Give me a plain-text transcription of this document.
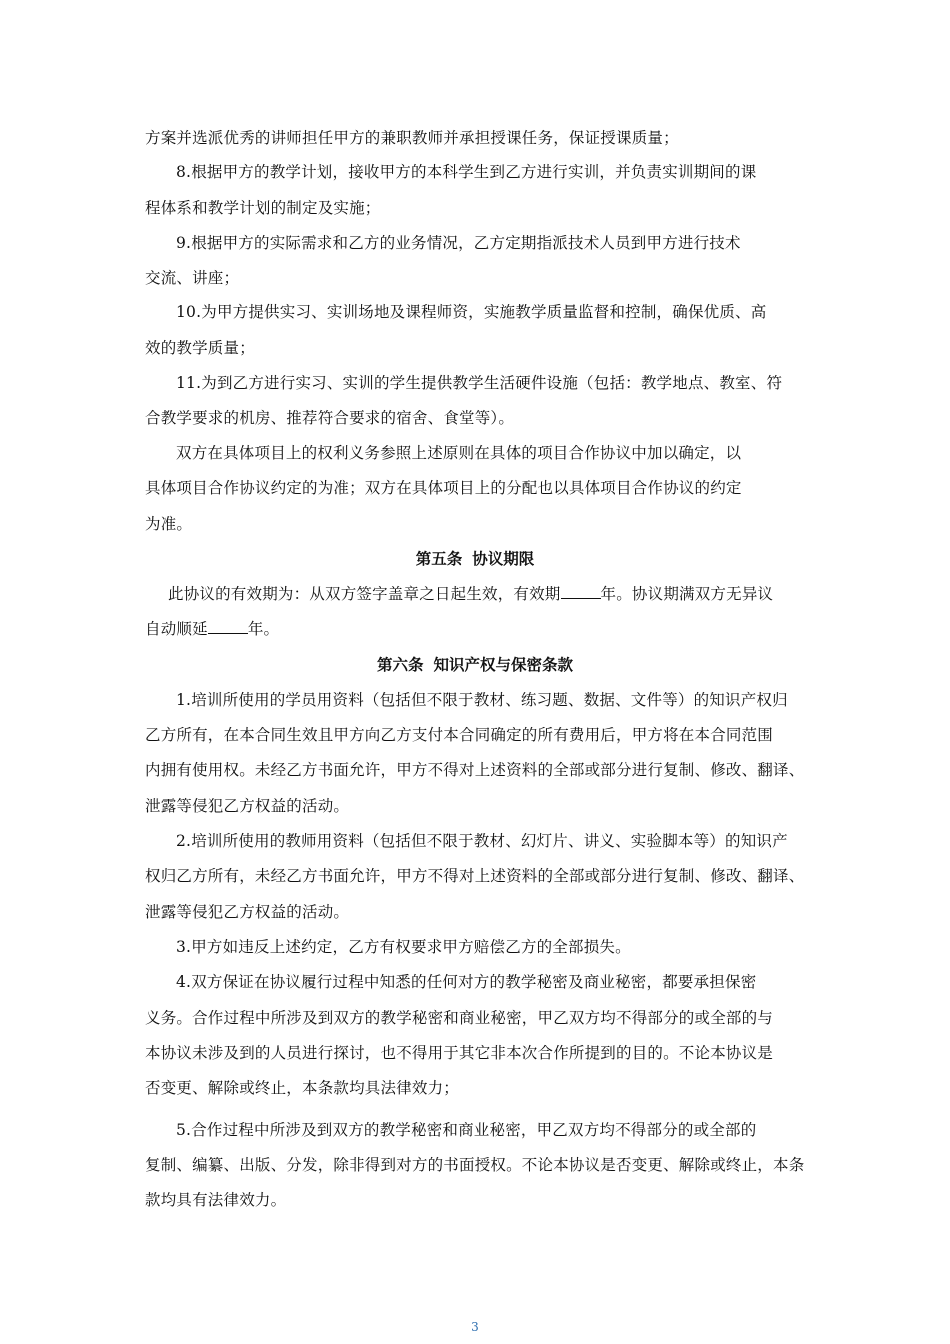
方案并选派优秀的讲师担任甲方的兼职教师并承担授课任务，保证授课质量；
8.根据甲方的教学计划，接收甲方的本科学生到乙方进行实训，并负责实训期间的课
程体系和教学计划的制定及实施；
9.根据甲方的实际需求和乙方的业务情况，乙方定期指派技术人员到甲方进行技术
交流、讲座；
10.为甲方提供实习、实训场地及课程师资，实施教学质量监督和控制，确保优质、高
效的教学质量；
11.为到乙方进行实习、实训的学生提供教学生活硬件设施（包括：教学地点、教室、符
合教学要求的机房、推荐符合要求的宿舍、食堂等）。
双方在具体项目上的权利义务参照上述原则在具体的项目合作协议中加以确定，以
具体项目合作协议约定的为准；双方在具体项目上的分配也以具体项目合作协议的约定
为准。
第五条 协议期限
此协议的有效期为：从双方签字盖章之日起生效，有效期	年。协议期满双方无异议
自动顺延	年。
第六条 知识产权与保密条款
1.培训所使用的学员用资料（包括但不限于教材、练习题、数据、文件等）的知识产权归
乙方所有，在本合同生效且甲方向乙方支付本合同确定的所有费用后，甲方将在本合同范围
内拥有使用权。未经乙方书面允许，甲方不得对上述资料的全部或部分进行复制、修改、翻译、
泄露等侵犯乙方权益的活动。
2.培训所使用的教师用资料（包括但不限于教材、幻灯片、讲义、实验脚本等）的知识产
权归乙方所有，未经乙方书面允许，甲方不得对上述资料的全部或部分进行复制、修改、翻译、
泄露等侵犯乙方权益的活动。
3.甲方如违反上述约定，乙方有权要求甲方赔偿乙方的全部损失。
4.双方保证在协议履行过程中知悉的任何对方的教学秘密及商业秘密，都要承担保密
义务。合作过程中所涉及到双方的教学秘密和商业秘密，甲乙双方均不得部分的或全部的与
本协议未涉及到的人员进行探讨，也不得用于其它非本次合作所提到的目的。不论本协议是
否变更、解除或终止，本条款均具法律效力；
5.合作过程中所涉及到双方的教学秘密和商业秘密，甲乙双方均不得部分的或全部的
复制、编纂、出版、分发，除非得到对方的书面授权。不论本协议是否变更、解除或终止，本条
款均具有法律效力。
3
